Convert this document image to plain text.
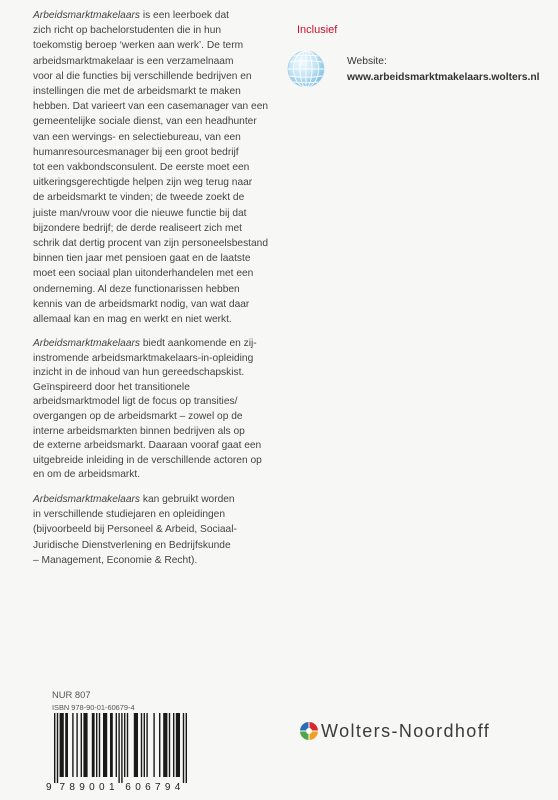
Arbeidsmarktmakelaars is een leerboek dat
zich richt op bachelorstudenten die in hun
toekomstig beroep ‘werken aan werk’. De term
arbeidsmarktmakelaar is een verzamelnaam
voor al die functies bij verschillende bedrijven en
instellingen die met de arbeidsmarkt te maken
hebben. Dat varieert van een casemanager van een
gemeentelijke sociale dienst, van een headhunter
van een wervings- en selectiebureau, van een
humanresourcesmanager bij een groot bedrijf
tot een vakbondsconsulent. De eerste moet een
uitkeringsgerechtigde helpen zijn weg terug naar
de arbeidsmarkt te vinden; de tweede zoekt de
juiste man/vrouw voor die nieuwe functie bij dat
bijzondere bedrijf; de derde realiseert zich met
schrik dat dertig procent van zijn personeelsbestand
binnen tien jaar met pensioen gaat en de laatste
moet een sociaal plan uitonderhandelen met een
onderneming. Al deze functionarissen hebben
kennis van de arbeidsmarkt nodig, van wat daar
allemaal kan en mag en werkt en niet werkt.
Arbeidsmarktmakelaars biedt aankomende en zij-
instromende arbeidsmarktmakelaars-in-opleiding
inzicht in de inhoud van hun gereedschapskist.
Geïnspireerd door het transitionele
arbeidsmarktmodel ligt de focus op transities/
overgangen op de arbeidsmarkt – zowel op de
interne arbeidsmarkten binnen bedrijven als op
de externe arbeidsmarkt. Daaraan vooraf gaat een
uitgebreide inleiding in de verschillende actoren op
en om de arbeidsmarkt.
Arbeidsmarktmakelaars kan gebruikt worden
in verschillende studiejaren en opleidingen
(bijvoorbeeld bij Personeel & Arbeid, Sociaal-
Juridische Dienstverlening en Bedrijfskunde
– Management, Economie & Recht).
Inclusief
Website:
www.arbeidsmarktmakelaars.wolters.nl
NUR 807
ISBN 978-90-01-60679-4
9 789001 606794
Wolters-Noordhoff
